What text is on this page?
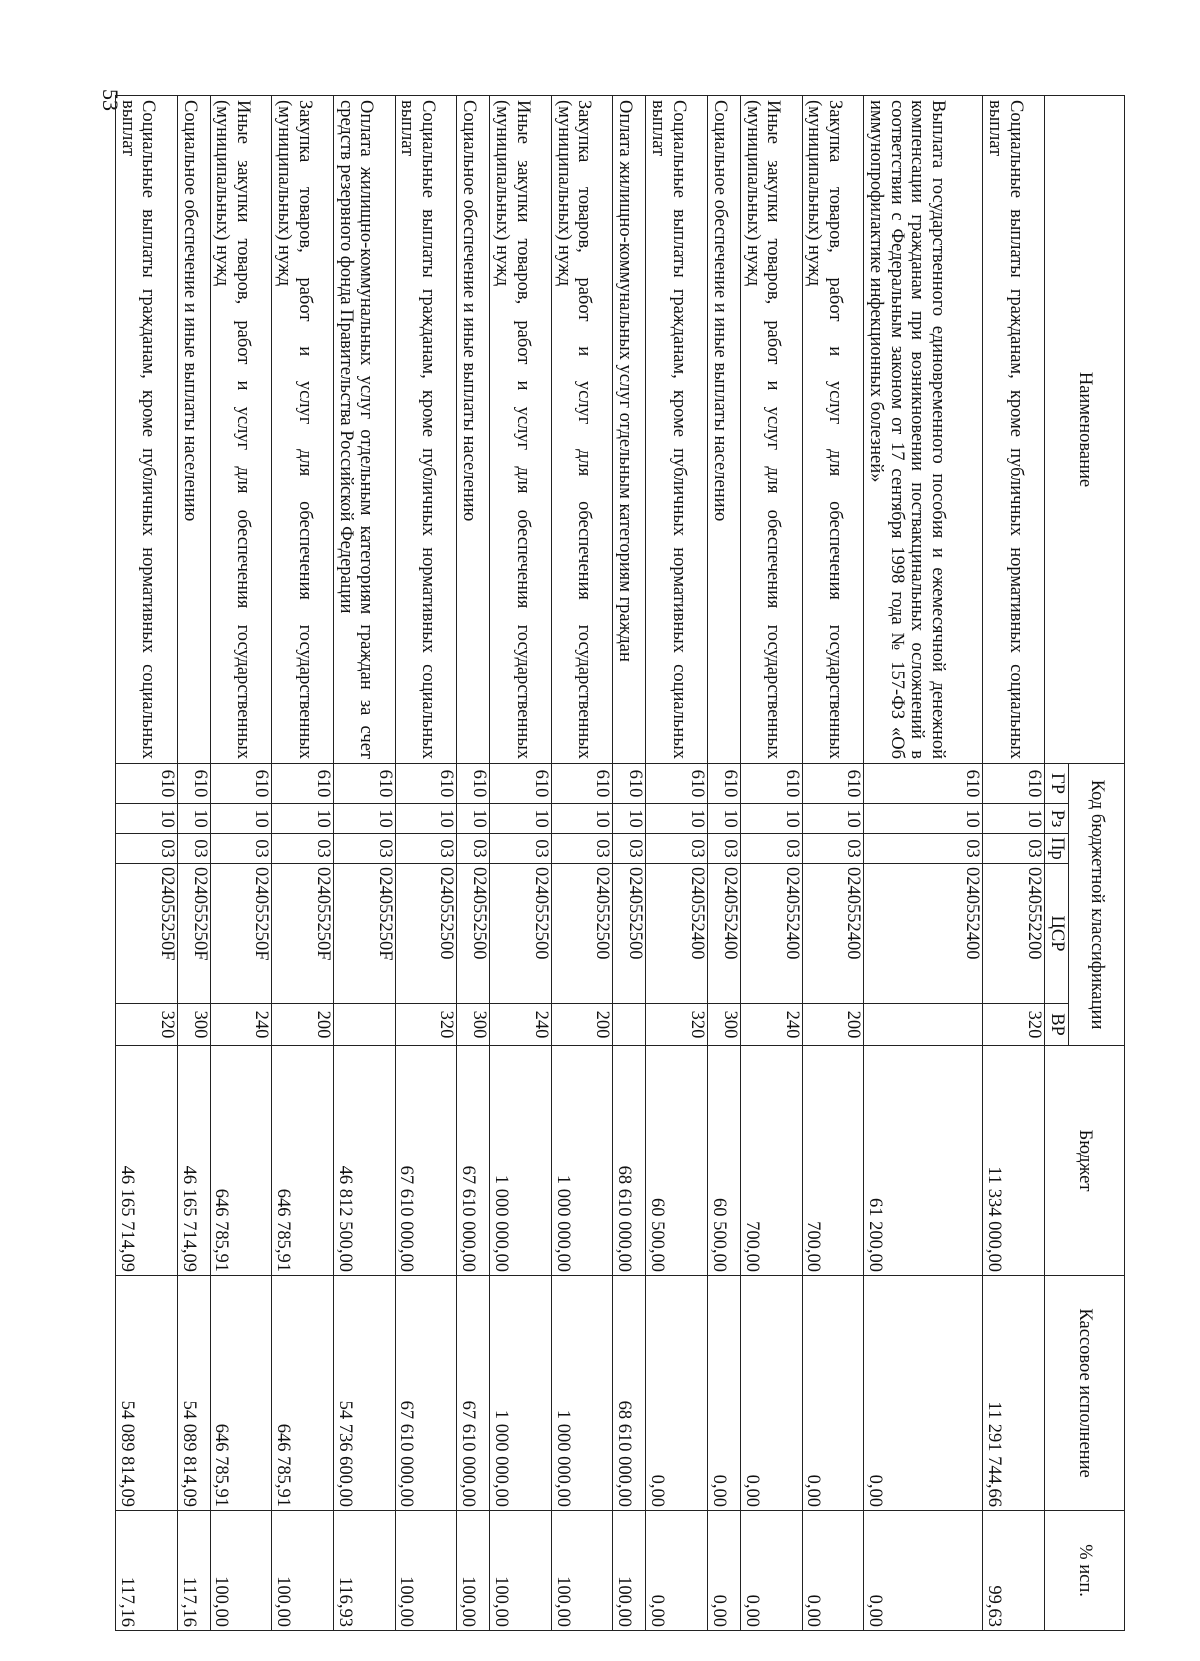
53
Наименование	Код бюджетной классификации					Бюджет	Кассовое исполнение	% исп.
	ГР	Рз	Пр	ЦСР	ВР			
Социальные выплаты гражданам, кроме публичных нормативных социальных выплат	610	10	03	0240552200	320	11 334 000,00	11 291 744,66	99,63
Выплата государственного единовременного пособия и ежемесячной денежной компенсации гражданам при возникновении поствакцинальных осложнений в соответствии с Федеральным законом от 17 сентября 1998 года № 157-ФЗ «Об иммунопрофилактике инфекционных болезней»	610	10	03	0240552400		61 200,00	0,00	0,00
Закупка товаров, работ и услуг для обеспечения государственных (муниципальных) нужд	610	10	03	0240552400	200	700,00	0,00	0,00
Иные закупки товаров, работ и услуг для обеспечения государственных (муниципальных) нужд	610	10	03	0240552400	240	700,00	0,00	0,00
Социальное обеспечение и иные выплаты населению	610	10	03	0240552400	300	60 500,00	0,00	0,00
Социальные выплаты гражданам, кроме публичных нормативных социальных выплат	610	10	03	0240552400	320	60 500,00	0,00	0,00
Оплата жилищно-коммунальных услуг отдельным категориям граждан	610	10	03	0240552500		68 610 000,00	68 610 000,00	100,00
Закупка товаров, работ и услуг для обеспечения государственных (муниципальных) нужд	610	10	03	0240552500	200	1 000 000,00	1 000 000,00	100,00
Иные закупки товаров, работ и услуг для обеспечения государственных (муниципальных) нужд	610	10	03	0240552500	240	1 000 000,00	1 000 000,00	100,00
Социальное обеспечение и иные выплаты населению	610	10	03	0240552500	300	67 610 000,00	67 610 000,00	100,00
Социальные выплаты гражданам, кроме публичных нормативных социальных выплат	610	10	03	0240552500	320	67 610 000,00	67 610 000,00	100,00
Оплата жилищно-коммунальных услуг отдельным категориям граждан за счет средств резервного фонда Правительства Российской Федерации	610	10	03	024055250F		46 812 500,00	54 736 600,00	116,93
Закупка товаров, работ и услуг для обеспечения государственных (муниципальных) нужд	610	10	03	024055250F	200	646 785,91	646 785,91	100,00
Иные закупки товаров, работ и услуг для обеспечения государственных (муниципальных) нужд	610	10	03	024055250F	240	646 785,91	646 785,91	100,00
Социальное обеспечение и иные выплаты населению	610	10	03	024055250F	300	46 165 714,09	54 089 814,09	117,16
Социальные выплаты гражданам, кроме публичных нормативных социальных выплат	610	10	03	024055250F	320	46 165 714,09	54 089 814,09	117,16
